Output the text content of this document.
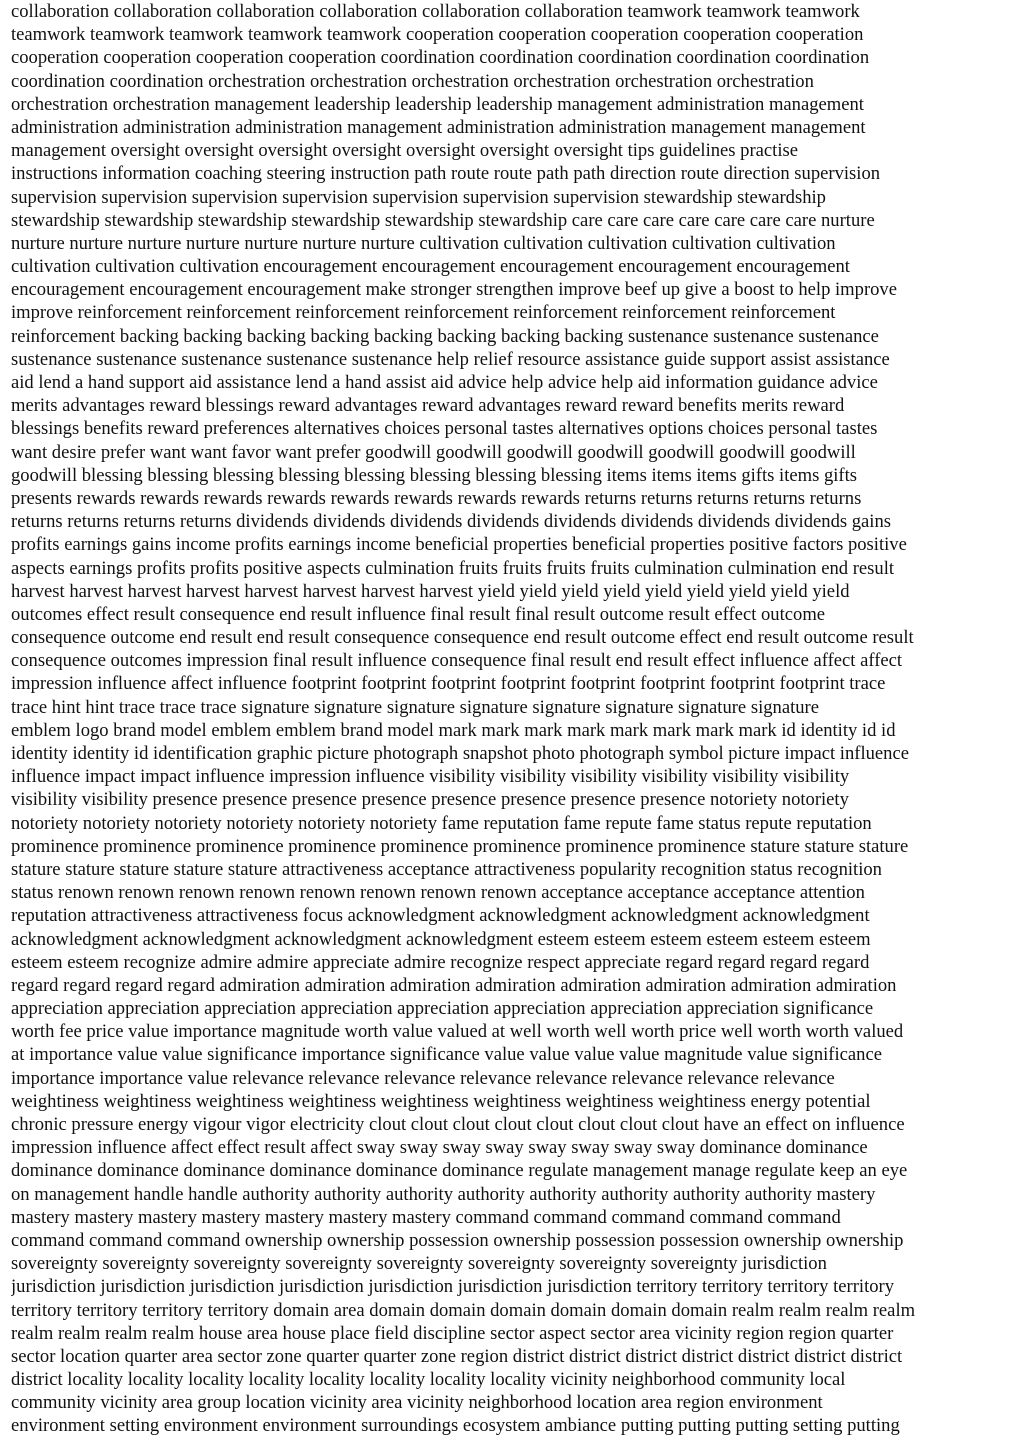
collaboration collaboration collaboration collaboration collaboration collaboration teamwork teamwork teamwork
teamwork teamwork teamwork teamwork teamwork cooperation cooperation cooperation cooperation cooperation
cooperation cooperation cooperation cooperation coordination coordination coordination coordination coordination
coordination coordination orchestration orchestration orchestration orchestration orchestration orchestration
orchestration orchestration management leadership leadership leadership management administration management
administration administration administration management administration administration management management
management oversight oversight oversight oversight oversight oversight oversight tips guidelines practise
instructions information coaching steering instruction path route route path path direction route direction supervision
supervision supervision supervision supervision supervision supervision supervision stewardship stewardship
stewardship stewardship stewardship stewardship stewardship stewardship care care care care care care care nurture
nurture nurture nurture nurture nurture nurture nurture cultivation cultivation cultivation cultivation cultivation
cultivation cultivation cultivation encouragement encouragement encouragement encouragement encouragement
encouragement encouragement encouragement make stronger strengthen improve beef up give a boost to help improve
improve reinforcement reinforcement reinforcement reinforcement reinforcement reinforcement reinforcement
reinforcement backing backing backing backing backing backing backing backing sustenance sustenance sustenance
sustenance sustenance sustenance sustenance sustenance help relief resource assistance guide support assist assistance
aid lend a hand support aid assistance lend a hand assist aid advice help advice help aid information guidance advice
merits advantages reward blessings reward advantages reward advantages reward reward benefits merits reward
blessings benefits reward preferences alternatives choices personal tastes alternatives options choices personal tastes
want desire prefer want want favor want prefer goodwill goodwill goodwill goodwill goodwill goodwill goodwill
goodwill blessing blessing blessing blessing blessing blessing blessing blessing items items items gifts items gifts
presents rewards rewards rewards rewards rewards rewards rewards rewards returns returns returns returns returns
returns returns returns returns dividends dividends dividends dividends dividends dividends dividends dividends gains
profits earnings gains income profits earnings income beneficial properties beneficial properties positive factors positive
aspects earnings profits profits positive aspects culmination fruits fruits fruits fruits culmination culmination end result
harvest harvest harvest harvest harvest harvest harvest harvest yield yield yield yield yield yield yield yield yield
outcomes effect result consequence end result influence final result final result outcome result effect outcome
consequence outcome end result end result consequence consequence end result outcome effect end result outcome result
consequence outcomes impression final result influence consequence final result end result effect influence affect affect
impression influence affect influence footprint footprint footprint footprint footprint footprint footprint footprint trace
trace hint hint trace trace trace signature signature signature signature signature signature signature signature
emblem logo brand model emblem emblem brand model mark mark mark mark mark mark mark mark id identity id id
identity identity id identification graphic picture photograph snapshot photo photograph symbol picture impact influence
influence impact impact influence impression influence visibility visibility visibility visibility visibility visibility
visibility visibility presence presence presence presence presence presence presence presence notoriety notoriety
notoriety notoriety notoriety notoriety notoriety notoriety fame reputation fame repute fame status repute reputation
prominence prominence prominence prominence prominence prominence prominence prominence stature stature stature
stature stature stature stature stature attractiveness acceptance attractiveness popularity recognition status recognition
status renown renown renown renown renown renown renown renown acceptance acceptance acceptance attention
reputation attractiveness attractiveness focus acknowledgment acknowledgment acknowledgment acknowledgment
acknowledgment acknowledgment acknowledgment acknowledgment esteem esteem esteem esteem esteem esteem
esteem esteem recognize admire admire appreciate admire recognize respect appreciate regard regard regard regard
regard regard regard regard admiration admiration admiration admiration admiration admiration admiration admiration
appreciation appreciation appreciation appreciation appreciation appreciation appreciation appreciation significance
worth fee price value importance magnitude worth value valued at well worth well worth price well worth worth valued
at importance value value significance importance significance value value value value magnitude value significance
importance importance value relevance relevance relevance relevance relevance relevance relevance relevance
weightiness weightiness weightiness weightiness weightiness weightiness weightiness weightiness energy potential
chronic pressure energy vigour vigor electricity clout clout clout clout clout clout clout clout have an effect on influence
impression influence affect effect result affect sway sway sway sway sway sway sway sway dominance dominance
dominance dominance dominance dominance dominance dominance regulate management manage regulate keep an eye
on management handle handle authority authority authority authority authority authority authority authority mastery
mastery mastery mastery mastery mastery mastery mastery command command command command command
command command command ownership ownership possession ownership possession possession ownership ownership
sovereignty sovereignty sovereignty sovereignty sovereignty sovereignty sovereignty sovereignty jurisdiction
jurisdiction jurisdiction jurisdiction jurisdiction jurisdiction jurisdiction jurisdiction territory territory territory territory
territory territory territory territory domain area domain domain domain domain domain domain realm realm realm realm
realm realm realm realm house area house place field discipline sector aspect sector area vicinity region region quarter
sector location quarter area sector zone quarter quarter zone region district district district district district district district
district locality locality locality locality locality locality locality locality vicinity neighborhood community local
community vicinity area group location vicinity area vicinity neighborhood location area region environment
environment setting environment environment surroundings ecosystem ambiance putting putting putting setting putting
